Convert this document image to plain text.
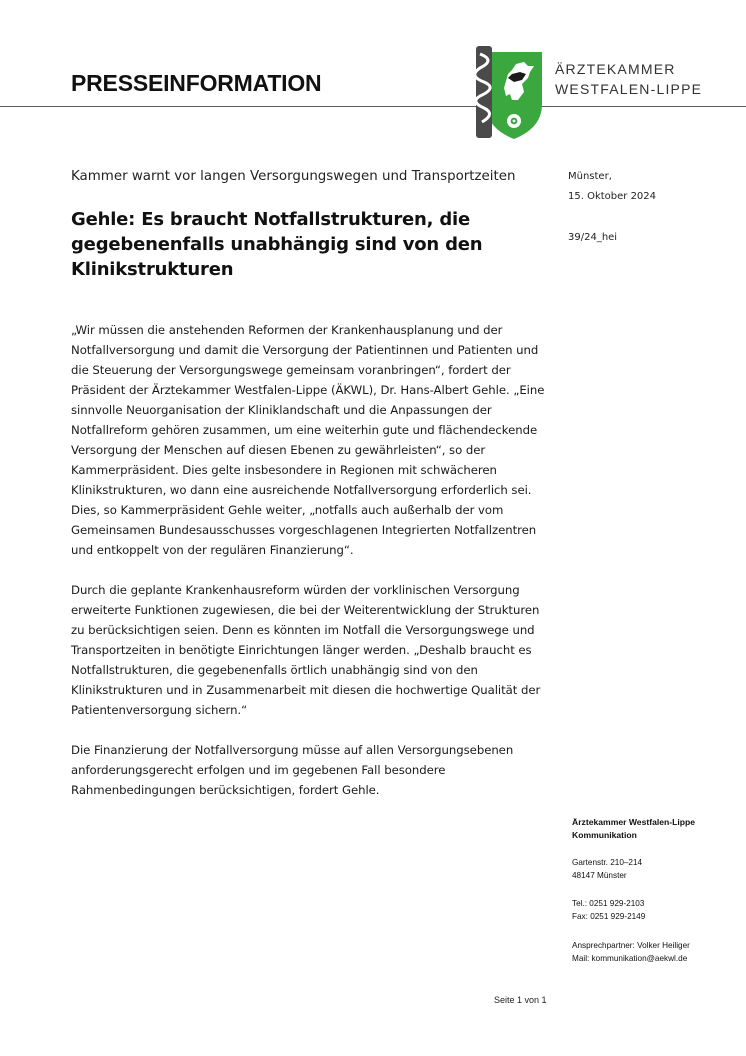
PRESSEINFORMATION
ÄRZTEKAMMER
WESTFALEN-LIPPE
Kammer warnt vor langen Versorgungswegen und Transportzeiten
Gehle: Es braucht Notfallstrukturen, die gegebenenfalls unabhängig sind von den Klinikstrukturen
Münster,
15. Oktober 2024
39/24_hei

„Wir müssen die anstehenden Reformen der Krankenhausplanung und der Notfallversorgung und damit die Versorgung der Patientinnen und Patienten und die Steuerung der Versorgungswege gemeinsam voranbringen“, fordert der Präsident der Ärztekammer Westfalen-Lippe (ÄKWL), Dr. Hans-Albert Gehle. „Eine sinnvolle Neuorganisation der Kliniklandschaft und die Anpassungen der Notfallreform gehören zusammen, um eine weiterhin gute und flächendeckende Versorgung der Menschen auf diesen Ebenen zu gewährleisten“, so der Kammerpräsident. Dies gelte insbesondere in Regionen mit schwächeren Klinikstrukturen, wo dann eine ausreichende Notfallversorgung erforderlich sei. Dies, so Kammerpräsident Gehle weiter, „notfalls auch außerhalb der vom Gemeinsamen Bundesausschusses vorgeschlagenen Integrierten Notfallzentren und entkoppelt von der regulären Finanzierung“.

Durch die geplante Krankenhausreform würden der vorklinischen Versorgung erweiterte Funktionen zugewiesen, die bei der Weiterentwicklung der Strukturen zu berücksichtigen seien. Denn es könnten im Notfall die Versorgungswege und Transportzeiten in benötigte Einrichtungen länger werden. „Deshalb braucht es Notfallstrukturen, die gegebenenfalls örtlich unabhängig sind von den Klinikstrukturen und in Zusammenarbeit mit diesen die hochwertige Qualität der Patientenversorgung sichern.“

Die Finanzierung der Notfallversorgung müsse auf allen Versorgungsebenen anforderungsgerecht erfolgen und im gegebenen Fall besondere Rahmenbedingungen berücksichtigen, fordert Gehle.

Ärztekammer Westfalen-Lippe
Kommunikation
Gartenstr. 210–214
48147 Münster
Tel.: 0251 929-2103
Fax: 0251 929-2149
Ansprechpartner: Volker Heiliger
Mail: kommunikation@aekwl.de
Seite 1 von 1
